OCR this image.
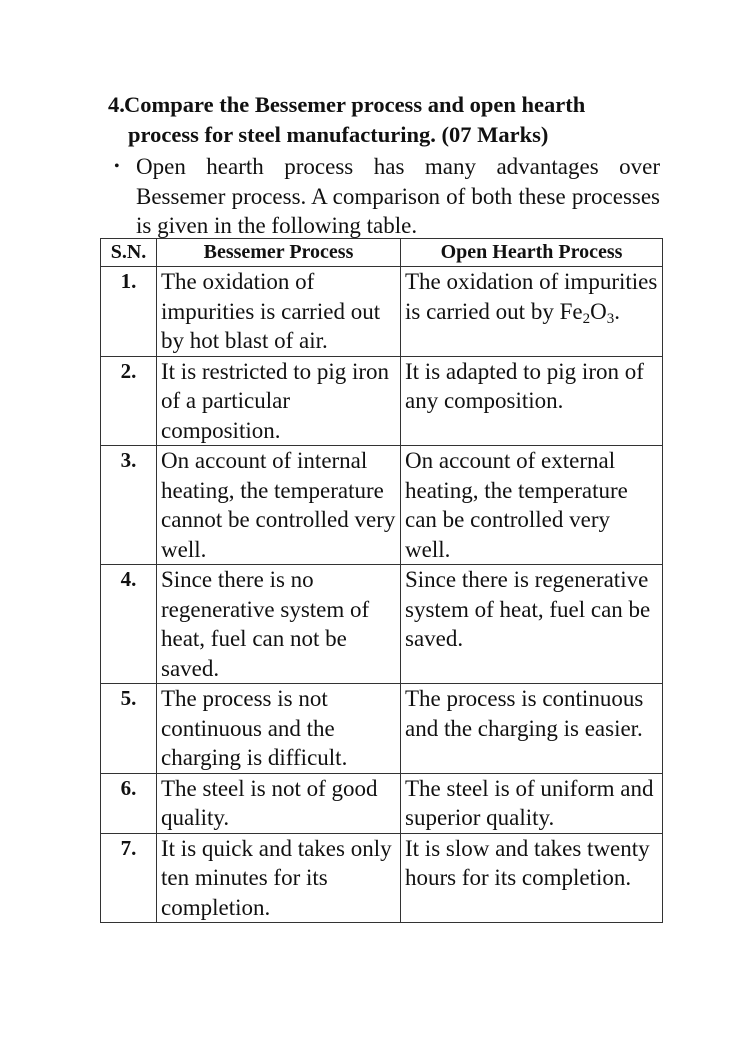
4. Compare the Bessemer process and open hearth
process for steel manufacturing. (07 Marks)
• Open hearth process has many advantages over Bessemer process. A comparison of both these processes is given in the following table.
S.N.	Bessemer Process	Open Hearth Process
1.	The oxidation of impurities is carried out by hot blast of air.	The oxidation of impurities is carried out by Fe2O3.
2.	It is restricted to pig iron of a particular composition.	It is adapted to pig iron of any composition.
3.	On account of internal heating, the temperature cannot be controlled very well.	On account of external heating, the temperature can be controlled very well.
4.	Since there is no regenerative system of heat, fuel can not be saved.	Since there is regenerative system of heat, fuel can be saved.
5.	The process is not continuous and the charging is difficult.	The process is continuous and the charging is easier.
6.	The steel is not of good quality.	The steel is of uniform and superior quality.
7.	It is quick and takes only ten minutes for its completion.	It is slow and takes twenty hours for its completion.
